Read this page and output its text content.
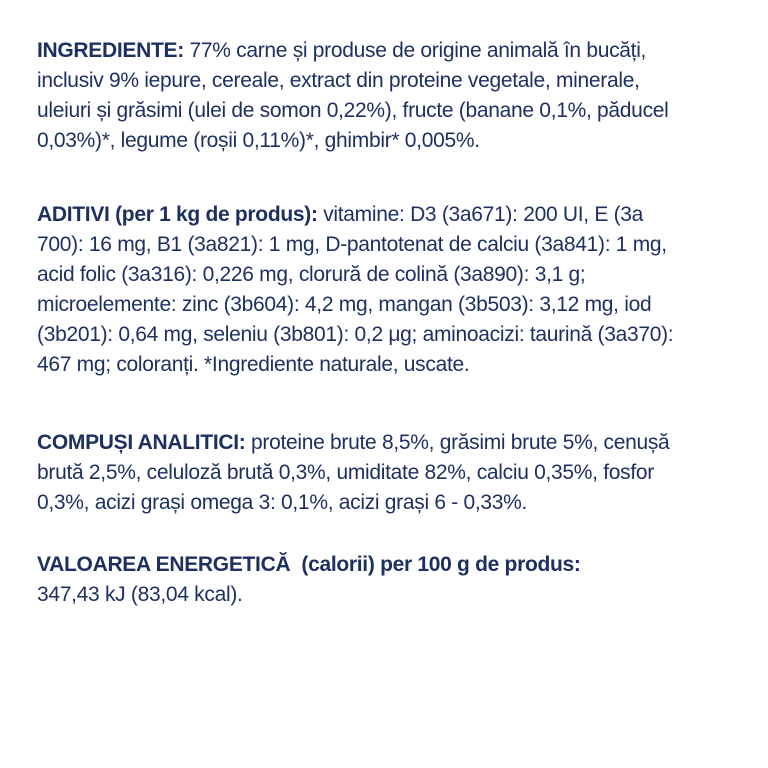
INGREDIENTE: 77% carne și produse de origine animală în bucăți,
inclusiv 9% iepure, cereale, extract din proteine vegetale, minerale,
uleiuri și grăsimi (ulei de somon 0,22%), fructe (banane 0,1%, păducel
0,03%)*, legume (roșii 0,11%)*, ghimbir* 0,005%.

ADITIVI (per 1 kg de produs): vitamine: D3 (3a671): 200 UI, E (3a
700): 16 mg, B1 (3a821): 1 mg, D-pantotenat de calciu (3a841): 1 mg,
acid folic (3a316): 0,226 mg, clorură de colină (3a890): 3,1 g;
microelemente: zinc (3b604): 4,2 mg, mangan (3b503): 3,12 mg, iod
(3b201): 0,64 mg, seleniu (3b801): 0,2 μg; aminoacizi: taurină (3a370):
467 mg; coloranți. *Ingrediente naturale, uscate.

COMPUȘI ANALITICI: proteine brute 8,5%, grăsimi brute 5%, cenușă
brută 2,5%, celuloză brută 0,3%, umiditate 82%, calciu 0,35%, fosfor
0,3%, acizi grași omega 3: 0,1%, acizi grași 6 - 0,33%.

VALOAREA ENERGETICĂ  (calorii) per 100 g de produs:
347,43 kJ (83,04 kcal).
